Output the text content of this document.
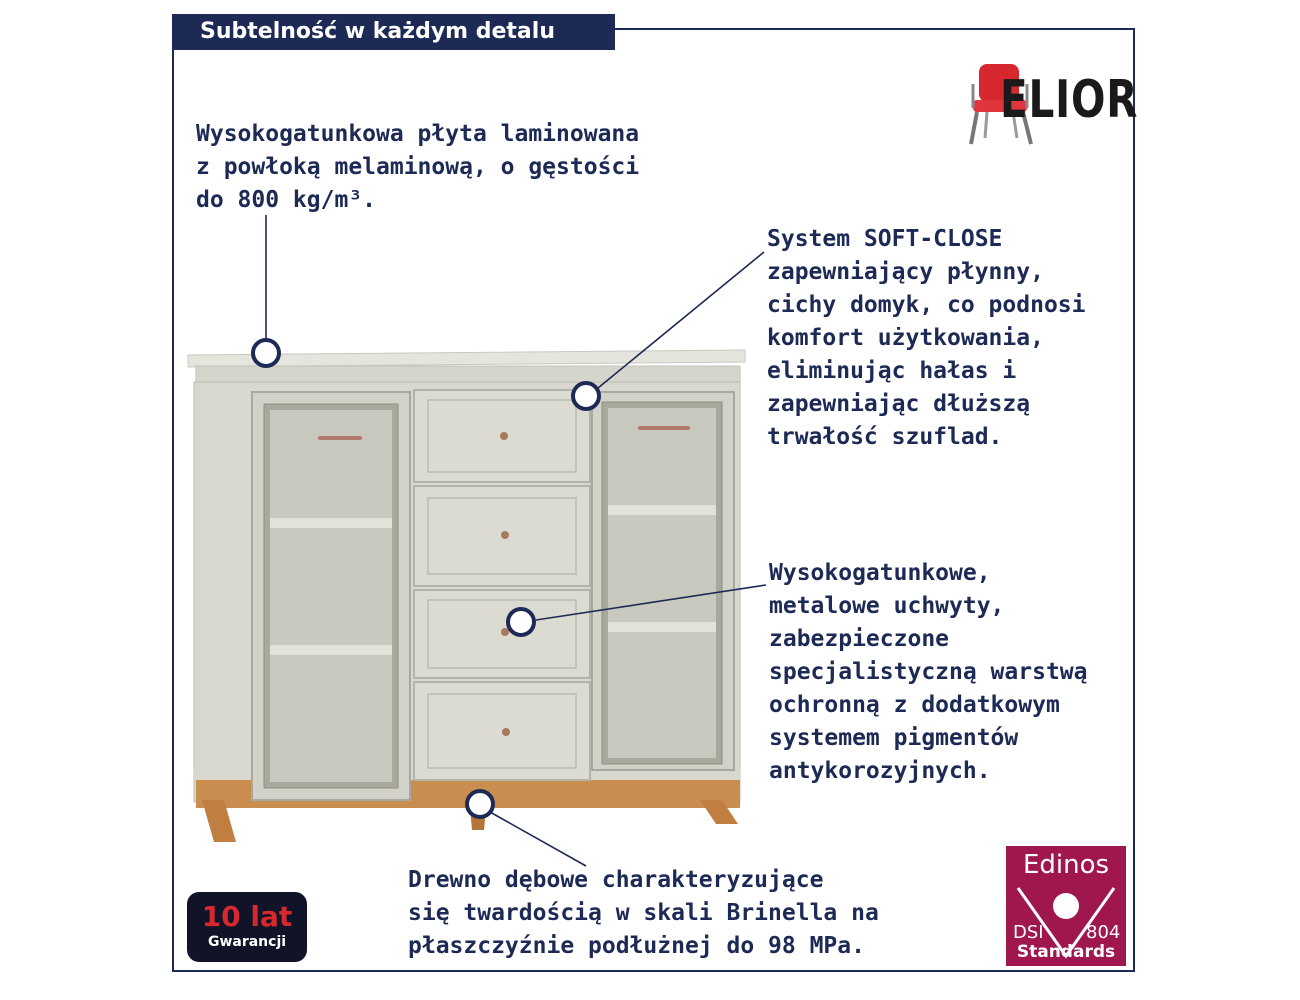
Subtelność w każdym detalu
ELIOR
Wysokogatunkowa płyta laminowana
z powłoką melaminową, o gęstości
do 800 kg/m³.
System SOFT-CLOSE
zapewniający płynny,
cichy domyk, co podnosi
komfort użytkowania,
eliminując hałas i
zapewniając dłuższą
trwałość szuflad.
Wysokogatunkowe,
metalowe uchwyty,
zabezpieczone
specjalistyczną warstwą
ochronną z dodatkowym
systemem pigmentów
antykorozyjnych.
Drewno dębowe charakteryzujące
się twardością w skali Brinella na
płaszczyźnie podłużnej do 98 MPa.
10 lat
Gwarancji
Edinos
DSI 804
Standards
